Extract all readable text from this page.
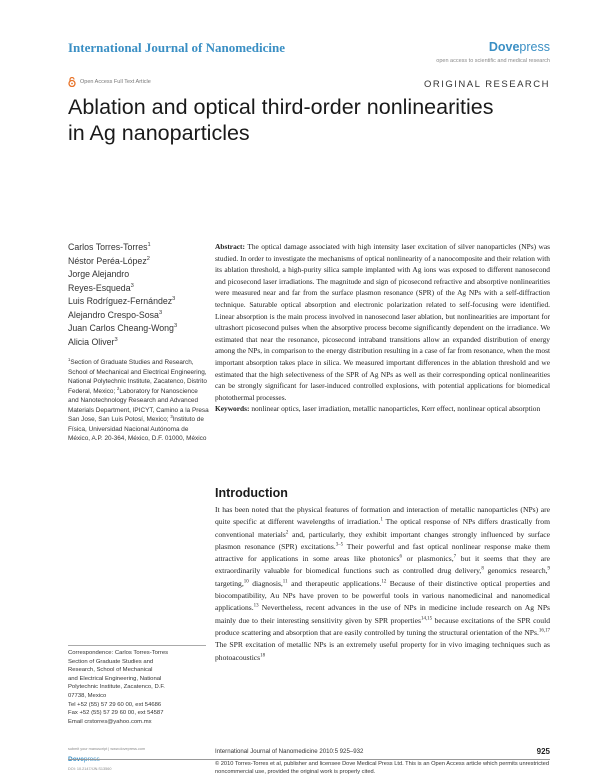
International Journal of Nanomedicine	Dovepress
open access to scientific and medical research
Open Access Full Text Article	ORIGINAL RESEARCH
Ablation and optical third-order nonlinearities
in Ag nanoparticles
Carlos Torres-Torres$^1$
Néstor Peréa-López$^2$
Jorge Alejandro
Reyes-Esqueda$^3$
Luis Rodríguez-Fernández$^3$
Alejandro Crespo-Sosa$^3$
Juan Carlos Cheang-Wong$^3$
Alicia Oliver$^3$
$^1$Section of Graduate Studies and Research, School of Mechanical and Electrical Engineering, National Polytechnic Institute, Zacatenco, Distrito Federal, Mexico; $^2$Laboratory for Nanoscience and Nanotechnology Research and Advanced Materials Department, IPICYT, Camino a la Presa San Jose, San Luis Potosí, Mexico; $^3$Instituto de Física, Universidad Nacional Autónoma de México, A.P. 20-364, México, D.F. 01000, México
Correspondence: Carlos Torres-Torres
Section of Graduate Studies and
Research, School of Mechanical
and Electrical Engineering, National
Polytechnic Institute, Zacatenco, D.F.
07738, Mexico
Tel +52 (55) 57 29 60 00, ext 54686
Fax +52 (55) 57 29 60 00, ext 54587
Email crstorres@yahoo.com.mx
Abstract: The optical damage associated with high intensity laser excitation of silver nanoparticles (NPs) was studied. In order to investigate the mechanisms of optical nonlinearity of a nanocomposite and their relation with its ablation threshold, a high-purity silica sample implanted with Ag ions was exposed to different nanosecond and picosecond laser irradiations. The magnitude and sign of picosecond refractive and absorptive nonlinearities were measured near and far from the surface plasmon resonance (SPR) of the Ag NPs with a self-diffraction technique. Saturable optical absorption and electronic polarization related to self-focusing were identified. Linear absorption is the main process involved in nanosecond laser ablation, but nonlinearities are important for ultrashort picosecond pulses when the absorptive process become significantly dependent on the irradiance. We estimated that near the resonance, picosecond intraband transitions allow an expanded distribution of energy among the NPs, in comparison to the energy distribution resulting in a case of far from resonance, when the most important absorption takes place in silica. We measured important differences in the ablation threshold and we estimated that the high selectiveness of the SPR of Ag NPs as well as their corresponding optical nonlinearities can be strongly significant for laser-induced controlled explosions, with potential applications for biomedical photothermal processes.
Keywords: nonlinear optics, laser irradiation, metallic nanoparticles, Kerr effect, nonlinear optical absorption
Introduction
It has been noted that the physical features of formation and interaction of metallic nanoparticles (NPs) are quite specific at different wavelengths of irradiation.$^1$ The optical response of NPs differs drastically from conventional materials$^2$ and, particularly, they exhibit important changes strongly influenced by surface plasmon resonance (SPR) excitations.$^{3-5}$ Their powerful and fast optical nonlinear response make them attractive for applications in some areas like photonics$^6$ or plasmonics,$^7$ but it seems that they are extraordinarily valuable for biomedical functions such as controlled drug delivery,$^8$ genomics research,$^9$ targeting,$^{10}$ diagnosis,$^{11}$ and therapeutic applications.$^{12}$ Because of their distinctive optical properties and biocompatibility, Au NPs have proven to be powerful tools in various nanomedicinal and nanomedical applications.$^{13}$ Nevertheless, recent advances in the use of NPs in medicine include research on Ag NPs mainly due to their interesting sensitivity given by SPR properties$^{14,15}$ because excitations of the SPR could produce scattering and absorption that are easily controlled by tuning the structural orientation of the NPs.$^{16,17}$ The SPR excitation of metallic NPs is an extremely useful property for in vivo imaging techniques such as photoacoustics$^{18}$
submit your manuscript | www.dovepress.com
Dovepress
DOI: 10.2147/IJN.S13560
International Journal of Nanomedicine 2010:5 925–932	925
© 2010 Torres-Torres et al, publisher and licensee Dove Medical Press Ltd. This is an Open Access article which permits unrestricted noncommercial use, provided the original work is properly cited.
